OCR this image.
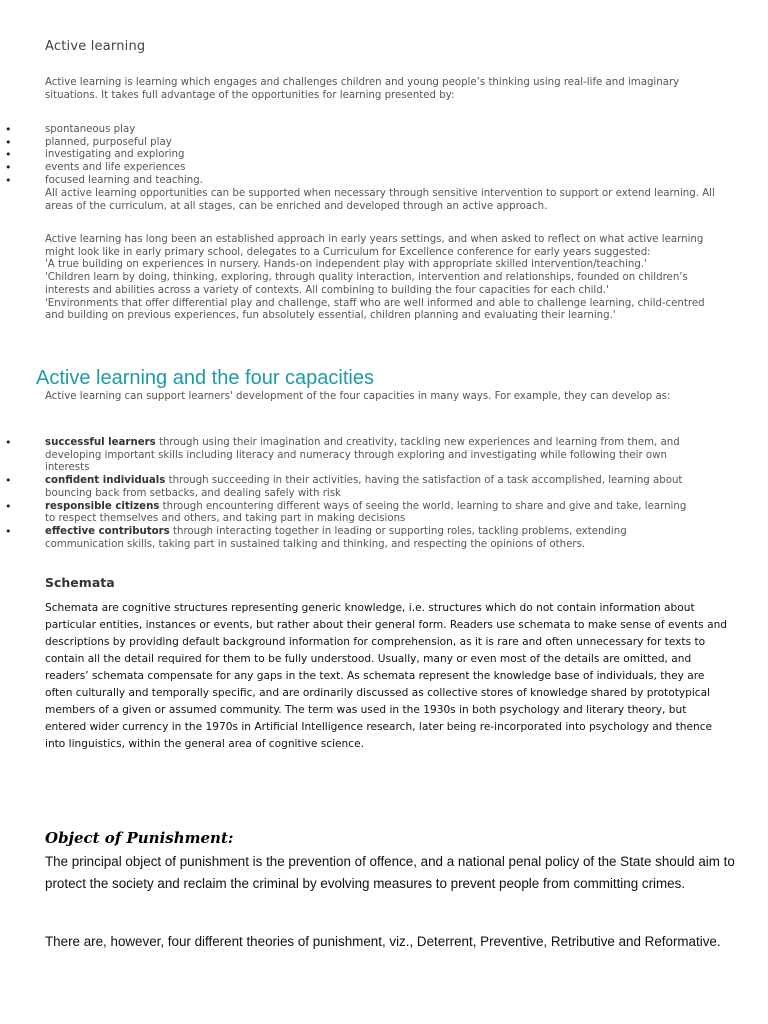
Active learning

Active learning is learning which engages and challenges children and young people’s thinking using real-life and imaginary situations. It takes full advantage of the opportunities for learning presented by:

•	spontaneous play
•	planned, purposeful play
•	investigating and exploring
•	events and life experiences
•	focused learning and teaching.

All active learning opportunities can be supported when necessary through sensitive intervention to support or extend learning. All areas of the curriculum, at all stages, can be enriched and developed through an active approach.

Active learning has long been an established approach in early years settings, and when asked to reflect on what active learning might look like in early primary school, delegates to a Curriculum for Excellence conference for early years suggested:

'A true building on experiences in nursery. Hands-on independent play with appropriate skilled intervention/teaching.'

'Children learn by doing, thinking, exploring, through quality interaction, intervention and relationships, founded on children’s interests and abilities across a variety of contexts. All combining to building the four capacities for each child.'

'Environments that offer differential play and challenge, staff who are well informed and able to challenge learning, child-centred and building on previous experiences, fun absolutely essential, children planning and evaluating their learning.'

Active learning and the four capacities

Active learning can support learners' development of the four capacities in many ways. For example, they can develop as:

•	successful learners through using their imagination and creativity, tackling new experiences and learning from them, and developing important skills including literacy and numeracy through exploring and investigating while following their own interests
•	confident individuals through succeeding in their activities, having the satisfaction of a task accomplished, learning about bouncing back from setbacks, and dealing safely with risk
•	responsible citizens through encountering different ways of seeing the world, learning to share and give and take, learning to respect themselves and others, and taking part in making decisions
•	effective contributors through interacting together in leading or supporting roles, tackling problems, extending communication skills, taking part in sustained talking and thinking, and respecting the opinions of others.
Schemata

Schemata are cognitive structures representing generic knowledge, i.e. structures which do not contain information about particular entities, instances or events, but rather about their general form. Readers use schemata to make sense of events and descriptions by providing default background information for comprehension, as it is rare and often unnecessary for texts to contain all the detail required for them to be fully understood. Usually, many or even most of the details are omitted, and readers’ schemata compensate for any gaps in the text. As schemata represent the knowledge base of individuals, they are often culturally and temporally specific, and are ordinarily discussed as collective stores of knowledge shared by prototypical members of a given or assumed community. The term was used in the 1930s in both psychology and literary theory, but entered wider currency in the 1970s in Artificial Intelligence research, later being re-incorporated into psychology and thence into linguistics, within the general area of cognitive science.

Object of Punishment:

The principal object of punishment is the prevention of offence, and a national penal policy of the State should aim to protect the society and reclaim the criminal by evolving measures to prevent people from committing crimes.

There are, however, four different theories of punishment, viz., Deterrent, Preventive, Retributive and Reformative.
